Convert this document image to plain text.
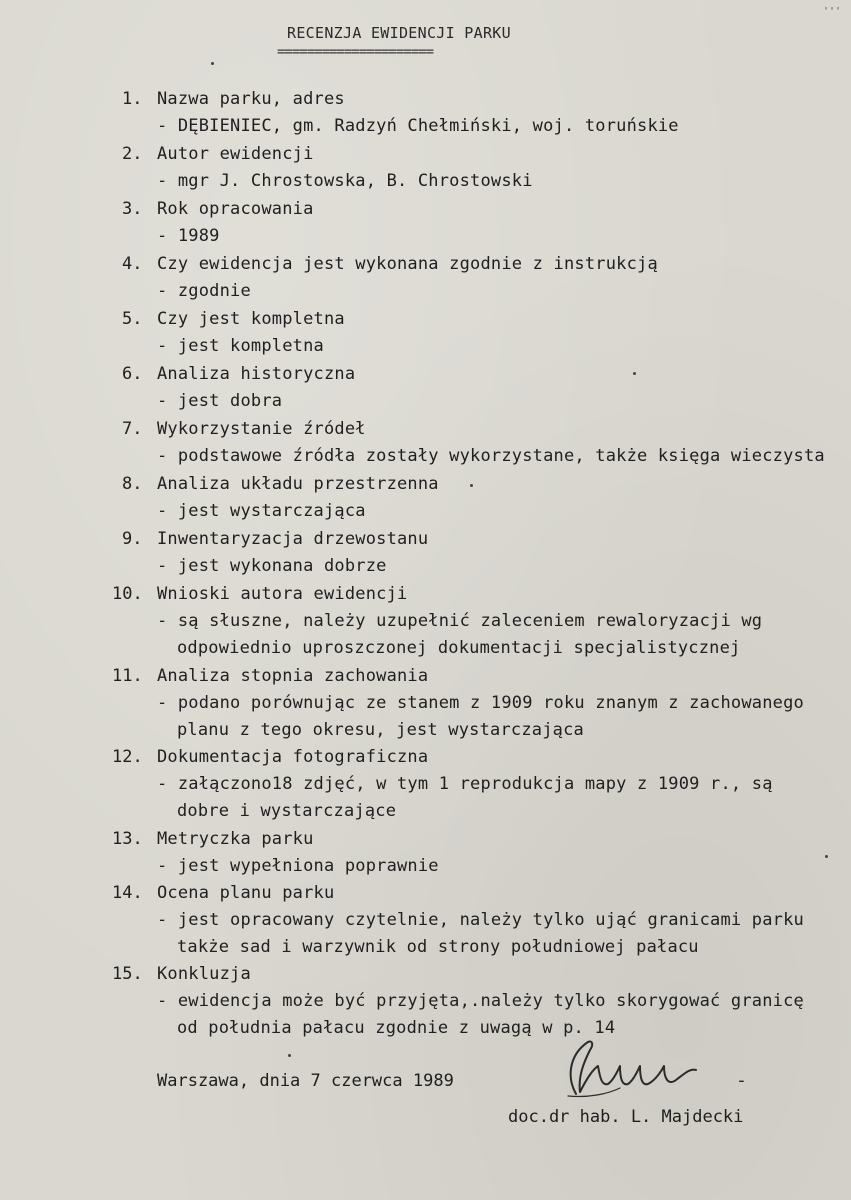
'''
RECENZJA EWIDENCJI PARKU
=====================
1. Nazwa parku, adres
- DĘBIENIEC, gm. Radzyń Chełmiński, woj. toruńskie
2. Autor ewidencji
- mgr J. Chrostowska, B. Chrostowski
3. Rok opracowania
- 1989
4. Czy ewidencja jest wykonana zgodnie z instrukcją
- zgodnie
5. Czy jest kompletna
- jest kompletna
6. Analiza historyczna
- jest dobra
7. Wykorzystanie źródeł
- podstawowe źródła zostały wykorzystane, także księga wieczysta
8. Analiza układu przestrzenna
- jest wystarczająca
9. Inwentaryzacja drzewostanu
- jest wykonana dobrze
10. Wnioski autora ewidencji
- są słuszne, należy uzupełnić zaleceniem rewaloryzacji wg
odpowiednio uproszczonej dokumentacji specjalistycznej
11. Analiza stopnia zachowania
- podano porównując ze stanem z 1909 roku znanym z zachowanego
planu z tego okresu, jest wystarczająca
12. Dokumentacja fotograficzna
- załączono18 zdjęć, w tym 1 reprodukcja mapy z 1909 r., są
dobre i wystarczające
13. Metryczka parku
- jest wypełniona poprawnie
14. Ocena planu parku
- jest opracowany czytelnie, należy tylko ująć granicami parku
także sad i warzywnik od strony południowej pałacu
15. Konkluzja
- ewidencja może być przyjęta,.należy tylko skorygować granicę
od południa pałacu zgodnie z uwagą w p. 14
Warszawa, dnia 7 czerwca 1989	-
doc.dr hab. L. Majdecki
